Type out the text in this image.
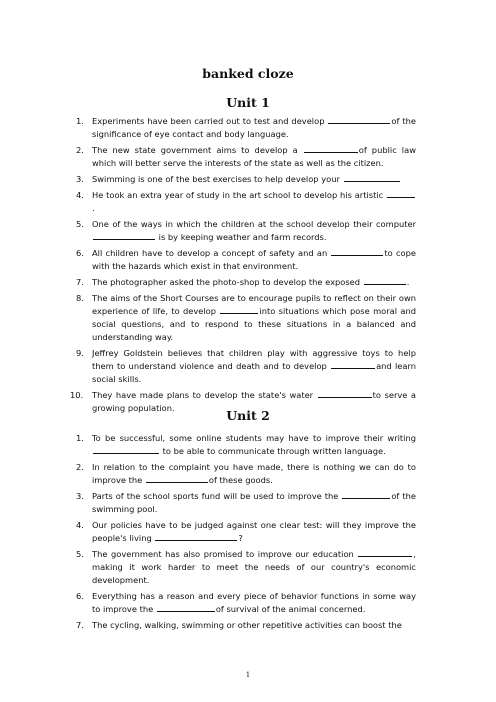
banked cloze
Unit 1
1. Experiments have been carried out to test and develop	of the significance of eye contact and body language.
2. The new state government aims to develop a	of public law which will better serve the interests of the state as well as the citizen.
3. Swimming is one of the best exercises to help develop your
4. He took an extra year of study in the art school to develop his artistic .
5. One of the ways in which the children at the school develop their computer  is by keeping weather and farm records.
6. All children have to develop a concept of safety and an	to cope with the hazards which exist in that environment.
7. The photographer asked the photo-shop to develop the exposed	.
8. The aims of the Short Courses are to encourage pupils to reflect on their own experience of life, to develop	into situations which pose moral and social questions, and to respond to these situations in a balanced and understanding way.
9. Jeffrey Goldstein believes that children play with aggressive toys to help them to understand violence and death and to develop	and learn social skills.
10.	They have made plans to develop the state's water	to serve a growing population.	Unit 2
1. To be successful, some online students may have to improve their writing  to be able to communicate through written language.
2. In relation to the complaint you have made, there is nothing we can do to improve the	of these goods.
3. Parts of the school sports fund will be used to improve the	of the swimming pool.
4. Our policies have to be judged against one clear test: will they improve the people's living	?
5. The government has also promised to improve our education	, making it work harder to meet the needs of our country's economic development.
6. Everything has a reason and every piece of behavior functions in some way to improve the	of survival of the animal concerned.
7. The cycling, walking, swimming or other repetitive activities can boost the
1
